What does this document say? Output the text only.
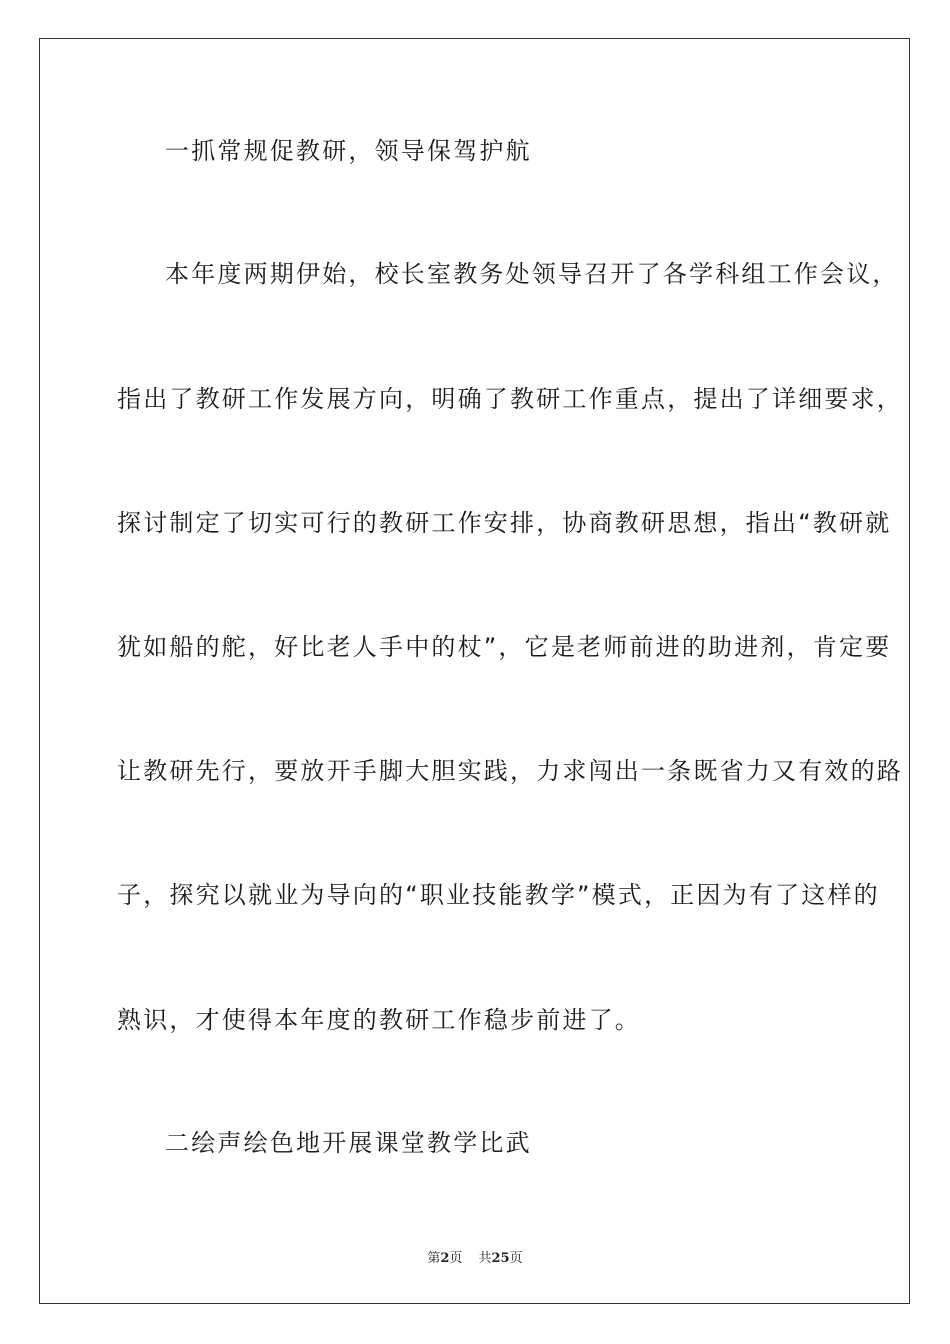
一抓常规促教研，领导保驾护航
本年度两期伊始，校长室教务处领导召开了各学科组工作会议，
指出了教研工作发展方向，明确了教研工作重点，提出了详细要求，
探讨制定了切实可行的教研工作安排，协商教研思想，指出“教研就
犹如船的舵，好比老人手中的杖”，它是老师前进的助进剂，肯定要
让教研先行，要放开手脚大胆实践，力求闯出一条既省力又有效的路
子，探究以就业为导向的“职业技能教学”模式，正因为有了这样的
熟识，才使得本年度的教研工作稳步前进了。
二绘声绘色地开展课堂教学比武
第2页 共25页
